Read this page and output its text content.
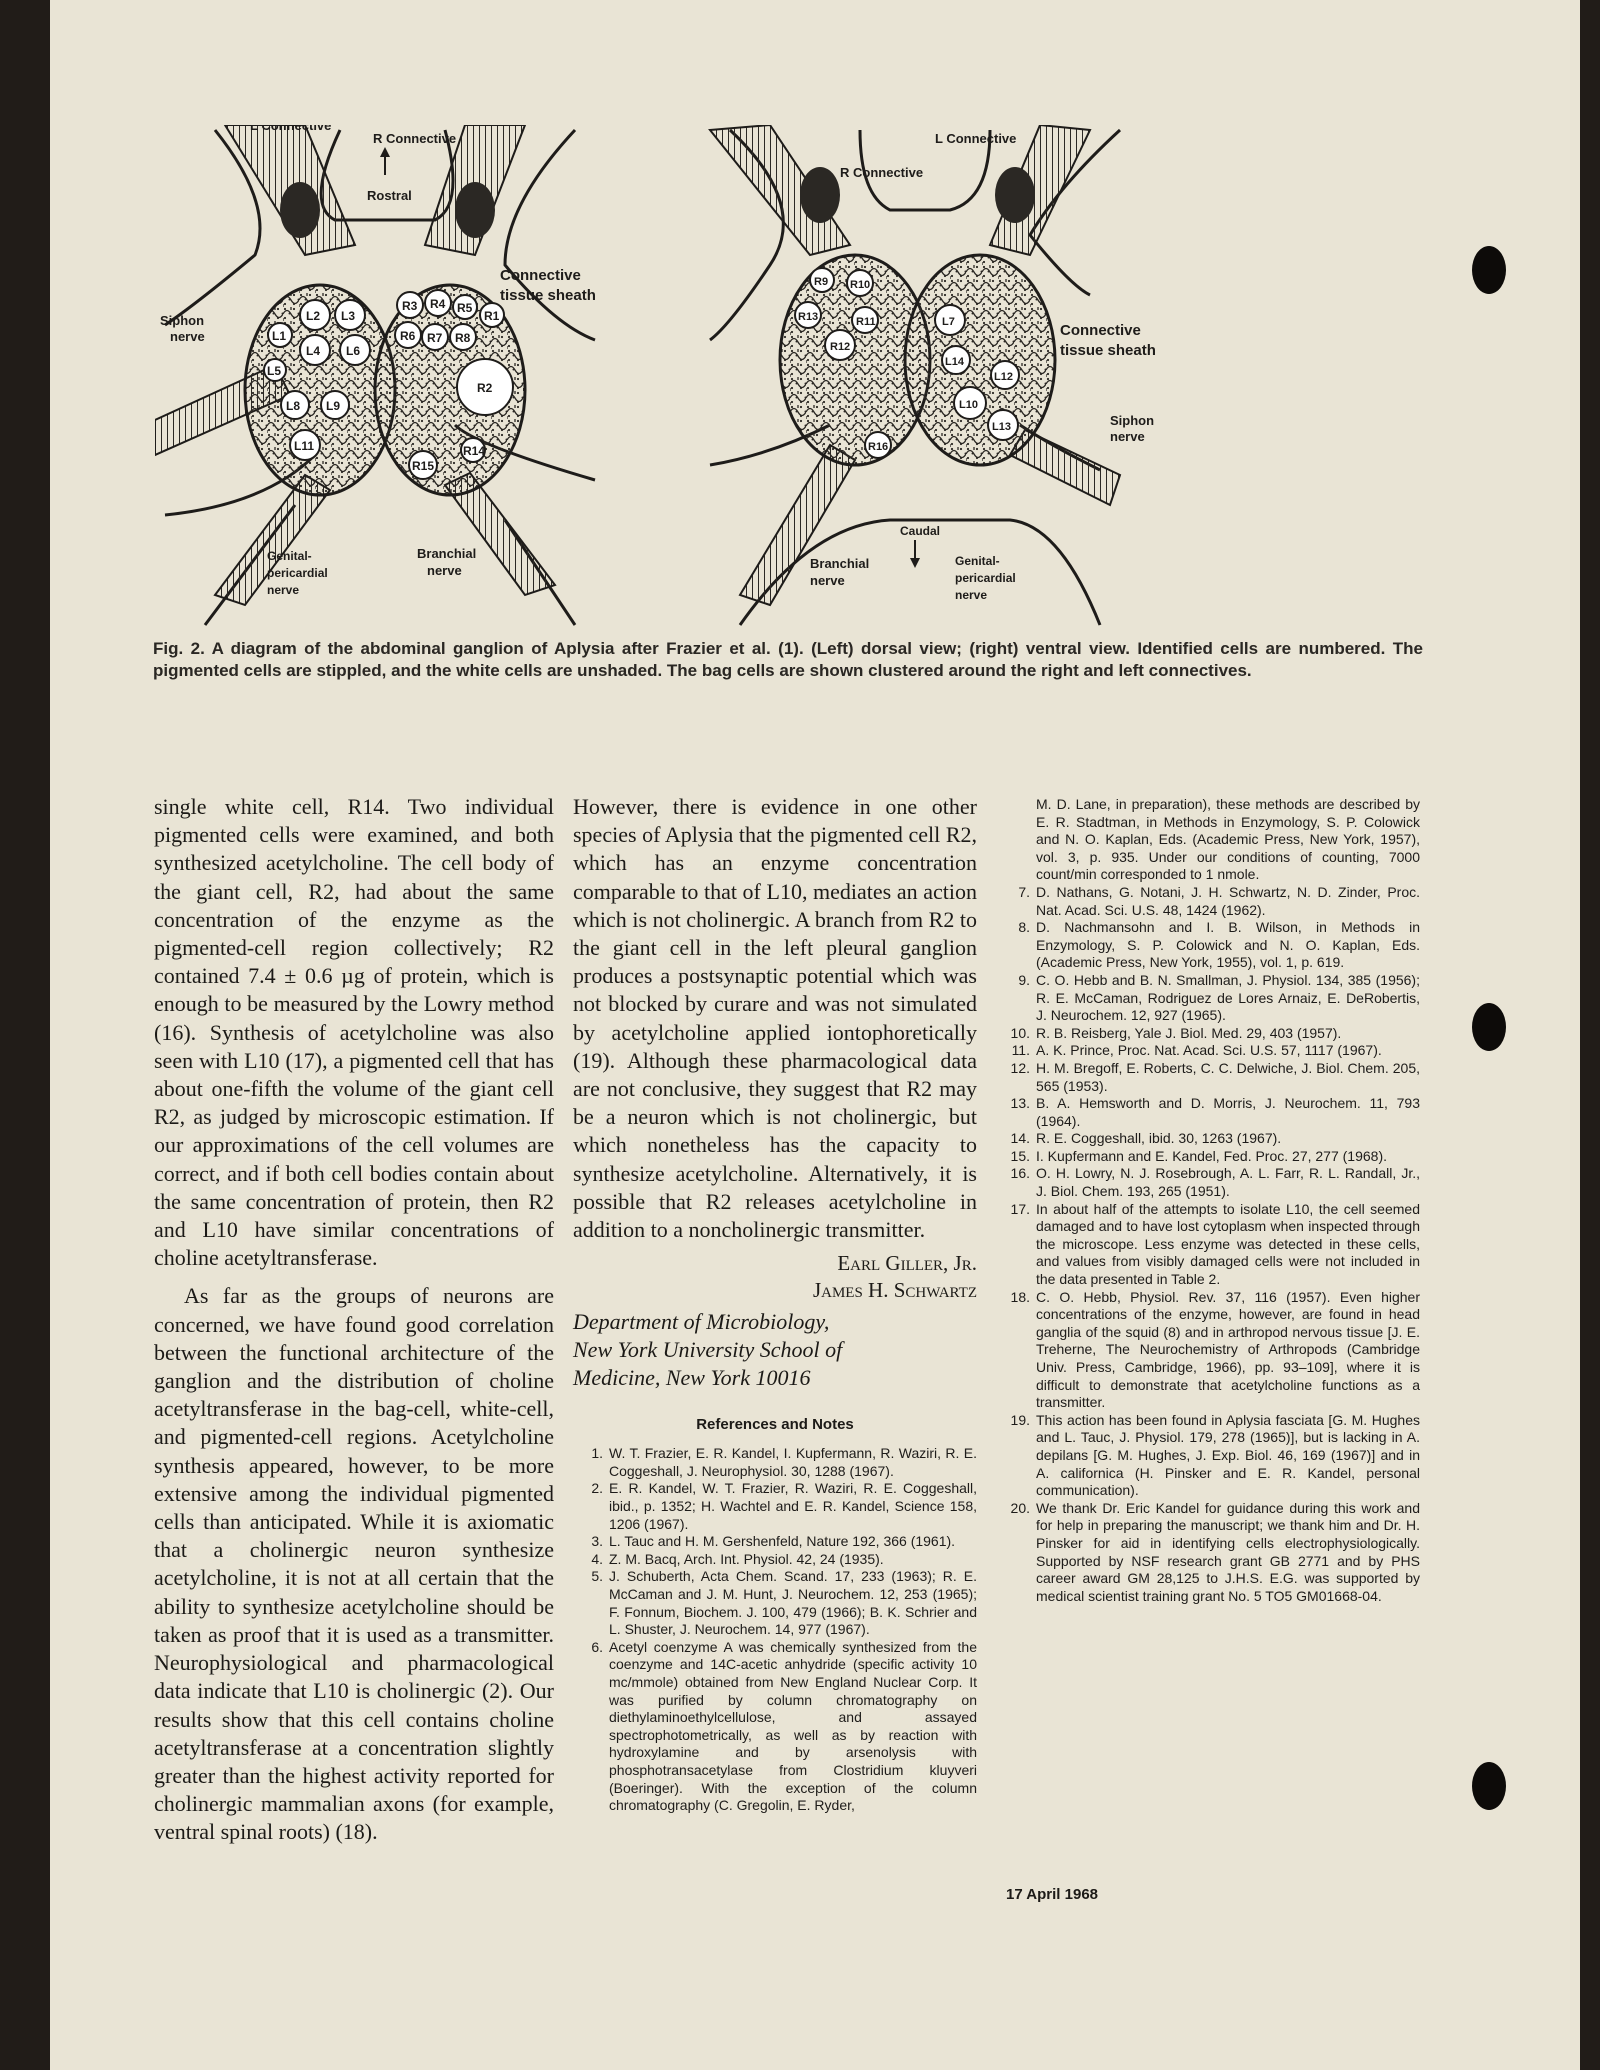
L2 L3
L1
L4 L6
L5
L8 L9
L11
R3 R4 R5
R1
R6 R7 R8
R2
R15
R14
L Connective
R Connective
Rostral
Connective
tissue sheath
Siphon
nerve
Genital-
pericardial
nerve
Branchial
nerve
R9 R10
R13	R11
R12
R16
L7
L14
L12
L10
L13
L Connective
R Connective
Connective
tissue sheath
Siphon
nerve
Caudal
Branchial
nerve
Genital-
pericardial
nerve
Fig. 2. A diagram of the abdominal ganglion of Aplysia after Frazier et al. (1). (Left) dorsal view; (right) ventral view. Identified cells are numbered. The pigmented cells are stippled, and the white cells are unshaded. The bag cells are shown clustered around the right and left connectives.

single white cell, R14. Two individual pigmented cells were examined, and both synthesized acetylcholine. The cell body of the giant cell, R2, had about the same concentration of the enzyme as the pigmented-cell region collectively; R2 contained 7.4 ± 0.6 µg of protein, which is enough to be measured by the Lowry method (16). Synthesis of acetylcholine was also seen with L10 (17), a pigmented cell that has about one-fifth the volume of the giant cell R2, as judged by microscopic estimation. If our approximations of the cell volumes are correct, and if both cell bodies contain about the same concentration of protein, then R2 and L10 have similar concentrations of choline acetyltransferase.

As far as the groups of neurons are concerned, we have found good correlation between the functional architecture of the ganglion and the distribution of choline acetyltransferase in the bag-cell, white-cell, and pigmented-cell regions. Acetylcholine synthesis appeared, however, to be more extensive among the individual pigmented cells than anticipated. While it is axiomatic that a cholinergic neuron synthesize acetylcholine, it is not at all certain that the ability to synthesize acetylcholine should be taken as proof that it is used as a transmitter. Neurophysiological and pharmacological data indicate that L10 is cholinergic (2). Our results show that this cell contains choline acetyltransferase at a concentration slightly greater than the highest activity reported for cholinergic mammalian axons (for example, ventral spinal roots) (18).

However, there is evidence in one other species of Aplysia that the pigmented cell R2, which has an enzyme concentration comparable to that of L10, mediates an action which is not cholinergic. A branch from R2 to the giant cell in the left pleural ganglion produces a postsynaptic potential which was not blocked by curare and was not simulated by acetylcholine applied iontophoretically (19). Although these pharmacological data are not conclusive, they suggest that R2 may be a neuron which is not cholinergic, but which nonetheless has the capacity to synthesize acetylcholine. Alternatively, it is possible that R2 releases acetylcholine in addition to a noncholinergic transmitter.

Earl Giller, Jr.
James H. Schwartz
Department of Microbiology,
New York University School of
Medicine, New York 10016
References and Notes
1. W. T. Frazier, E. R. Kandel, I. Kupfermann, R. Waziri, R. E. Coggeshall, J. Neurophysiol. 30, 1288 (1967).
2. E. R. Kandel, W. T. Frazier, R. Waziri, R. E. Coggeshall, ibid., p. 1352; H. Wachtel and E. R. Kandel, Science 158, 1206 (1967).
3. L. Tauc and H. M. Gershenfeld, Nature 192, 366 (1961).
4. Z. M. Bacq, Arch. Int. Physiol. 42, 24 (1935).
5. J. Schuberth, Acta Chem. Scand. 17, 233 (1963); R. E. McCaman and J. M. Hunt, J. Neurochem. 12, 253 (1965); F. Fonnum, Biochem. J. 100, 479 (1966); B. K. Schrier and L. Shuster, J. Neurochem. 14, 977 (1967).
6. Acetyl coenzyme A was chemically synthesized from the coenzyme and 14C-acetic anhydride (specific activity 10 mc/mmole) obtained from New England Nuclear Corp. It was purified by column chromatography on diethylaminoethylcellulose, and assayed spectrophotometrically, as well as by reaction with hydroxylamine and by arsenolysis with phosphotransacetylase from Clostridium kluyveri (Boeringer). With the exception of the column chromatography (C. Gregolin, E. Ryder,
M. D. Lane, in preparation), these methods are described by E. R. Stadtman, in Methods in Enzymology, S. P. Colowick and N. O. Kaplan, Eds. (Academic Press, New York, 1957), vol. 3, p. 935. Under our conditions of counting, 7000 count/min corresponded to 1 nmole.
7. D. Nathans, G. Notani, J. H. Schwartz, N. D. Zinder, Proc. Nat. Acad. Sci. U.S. 48, 1424 (1962).
8. D. Nachmansohn and I. B. Wilson, in Methods in Enzymology, S. P. Colowick and N. O. Kaplan, Eds. (Academic Press, New York, 1955), vol. 1, p. 619.
9. C. O. Hebb and B. N. Smallman, J. Physiol. 134, 385 (1956); R. E. McCaman, Rodriguez de Lores Arnaiz, E. DeRobertis, J. Neurochem. 12, 927 (1965).
10. R. B. Reisberg, Yale J. Biol. Med. 29, 403 (1957).
11. A. K. Prince, Proc. Nat. Acad. Sci. U.S. 57, 1117 (1967).
12. H. M. Bregoff, E. Roberts, C. C. Delwiche, J. Biol. Chem. 205, 565 (1953).
13. B. A. Hemsworth and D. Morris, J. Neurochem. 11, 793 (1964).
14. R. E. Coggeshall, ibid. 30, 1263 (1967).
15. I. Kupfermann and E. Kandel, Fed. Proc. 27, 277 (1968).
16. O. H. Lowry, N. J. Rosebrough, A. L. Farr, R. L. Randall, Jr., J. Biol. Chem. 193, 265 (1951).
17. In about half of the attempts to isolate L10, the cell seemed damaged and to have lost cytoplasm when inspected through the microscope. Less enzyme was detected in these cells, and values from visibly damaged cells were not included in the data presented in Table 2.
18. C. O. Hebb, Physiol. Rev. 37, 116 (1957). Even higher concentrations of the enzyme, however, are found in head ganglia of the squid (8) and in arthropod nervous tissue [J. E. Treherne, The Neurochemistry of Arthropods (Cambridge Univ. Press, Cambridge, 1966), pp. 93–109], where it is difficult to demonstrate that acetylcholine functions as a transmitter.
19. This action has been found in Aplysia fasciata [G. M. Hughes and L. Tauc, J. Physiol. 179, 278 (1965)], but is lacking in A. depilans [G. M. Hughes, J. Exp. Biol. 46, 169 (1967)] and in A. californica (H. Pinsker and E. R. Kandel, personal communication).
20. We thank Dr. Eric Kandel for guidance during this work and for help in preparing the manuscript; we thank him and Dr. H. Pinsker for aid in identifying cells electrophysiologically. Supported by NSF research grant GB 2771 and by PHS career award GM 28,125 to J.H.S. E.G. was supported by medical scientist training grant No. 5 TO5 GM01668-04.
17 April 1968
